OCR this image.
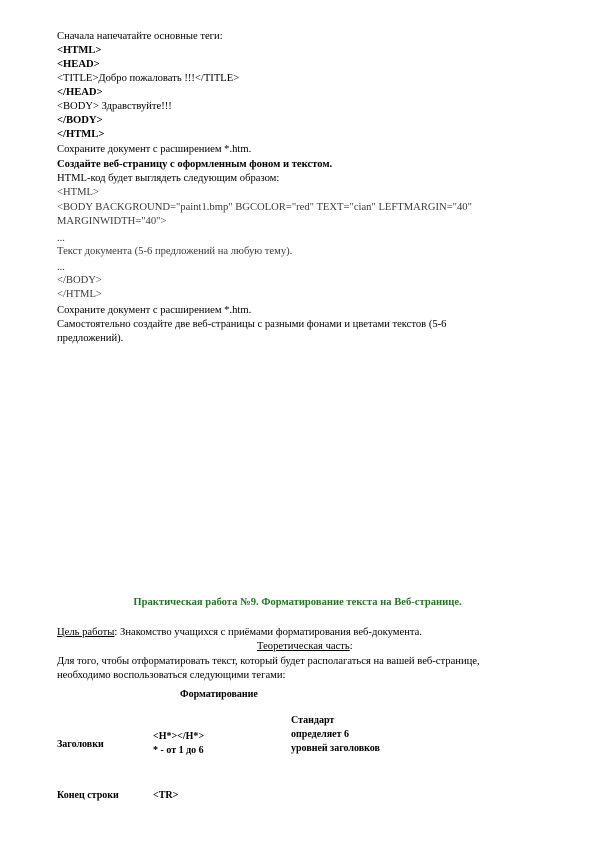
Сначала напечатайте основные теги:
<HTML>
<HEAD>
<TITLE>Добро пожаловать !!!</TITLE>
</HEAD>
<BODY> Здравствуйте!!!
</BODY>
</HTML>
Сохраните документ с расширением *.htm.
Создайте веб-страницу с оформленным фоном и текстом.
HTML-код будет выглядеть следующим образом:
<HTML>
<BODY BACKGROUND="paint1.bmp" BGCOLOR="red" TEXT="cian" LEFTMARGIN="40"
MARGINWIDTH="40">
...
Текст документа (5-6 предложений на любую тему).
...
</BODY>
</HTML>
Сохраните документ с расширением *.htm.
Самостоятельно создайте две веб-страницы с разными фонами и цветами текстов (5-6
предложений).
Практическая работа №9. Форматирование текста на Веб-странице.
Цель работы: Знакомство учащихся с приёмами форматирования веб-документа.
Теоретическая часть:
Для того, чтобы отформатировать текст, который будет располагаться на вашей веб-странице,
необходимо воспользоваться следующими тегами:
Форматирование
Заголовки
<H*></H*>
* - от 1 до 6
Стандарт определяет 6 уровней заголовков
Конец строки	<TR>
